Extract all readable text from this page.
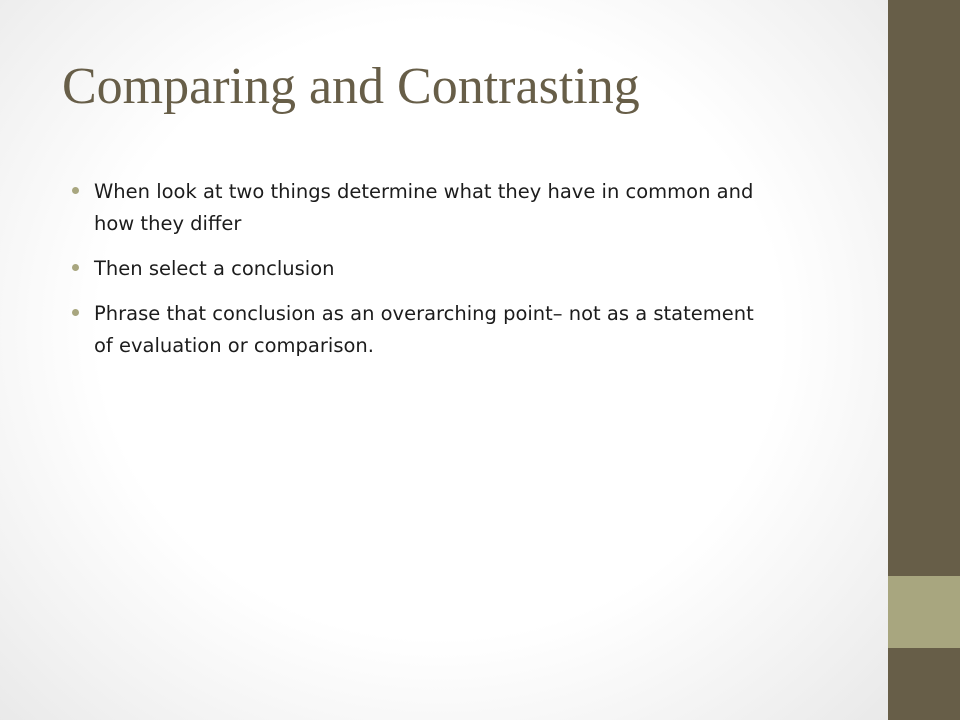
Comparing and Contrasting
When look at two things determine what they have in common and how they differ
Then select a conclusion
Phrase that conclusion as an overarching point– not as a statement of evaluation or comparison.
